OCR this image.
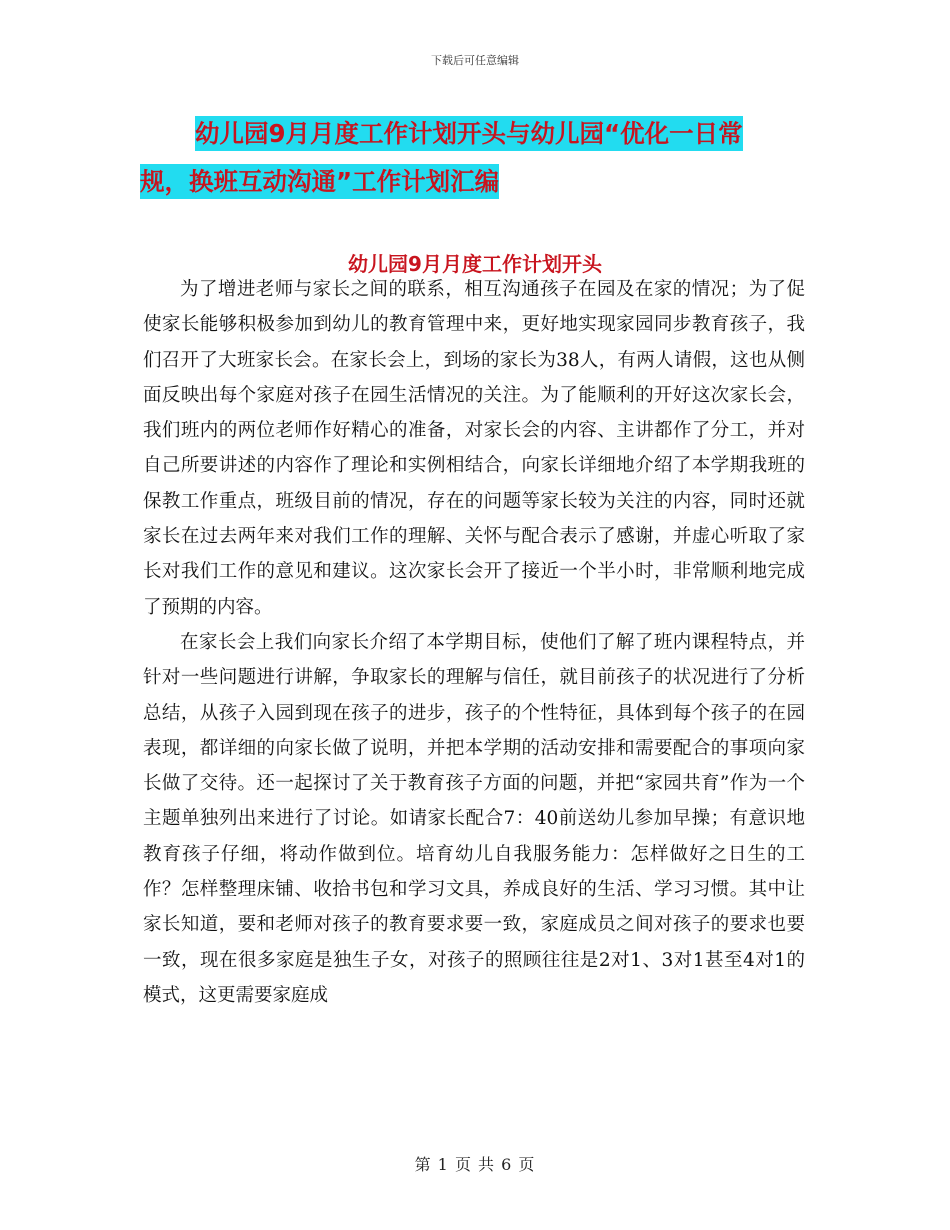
下载后可任意编辑
幼儿园9月月度工作计划开头与幼儿园“优化一日常
规，换班互动沟通”工作计划汇编
幼儿园9月月度工作计划开头

为了增进老师与家长之间的联系，相互沟通孩子在园及在家的情况；为了促使家长能够积极参加到幼儿的教育管理中来，更好地实现家园同步教育孩子，我们召开了大班家长会。在家长会上，到场的家长为38人，有两人请假，这也从侧面反映出每个家庭对孩子在园生活情况的关注。为了能顺利的开好这次家长会，我们班内的两位老师作好精心的准备，对家长会的内容、主讲都作了分工，并对自己所要讲述的内容作了理论和实例相结合，向家长详细地介绍了本学期我班的保教工作重点，班级目前的情况，存在的问题等家长较为关注的内容，同时还就家长在过去两年来对我们工作的理解、关怀与配合表示了感谢，并虚心听取了家长对我们工作的意见和建议。这次家长会开了接近一个半小时，非常顺利地完成了预期的内容。

在家长会上我们向家长介绍了本学期目标，使他们了解了班内课程特点，并针对一些问题进行讲解，争取家长的理解与信任，就目前孩子的状况进行了分析总结，从孩子入园到现在孩子的进步，孩子的个性特征，具体到每个孩子的在园表现，都详细的向家长做了说明，并把本学期的活动安排和需要配合的事项向家长做了交待。还一起探讨了关于教育孩子方面的问题，并把“家园共育”作为一个主题单独列出来进行了讨论。如请家长配合7：40前送幼儿参加早操；有意识地教育孩子仔细，将动作做到位。培育幼儿自我服务能力：怎样做好之日生的工作？怎样整理床铺、收拾书包和学习文具，养成良好的生活、学习习惯。其中让家长知道，要和老师对孩子的教育要求要一致，家庭成员之间对孩子的要求也要一致，现在很多家庭是独生子女，对孩子的照顾往往是2对1、3对1甚至4对1的模式，这更需要家庭成

第 1 页 共 6 页
